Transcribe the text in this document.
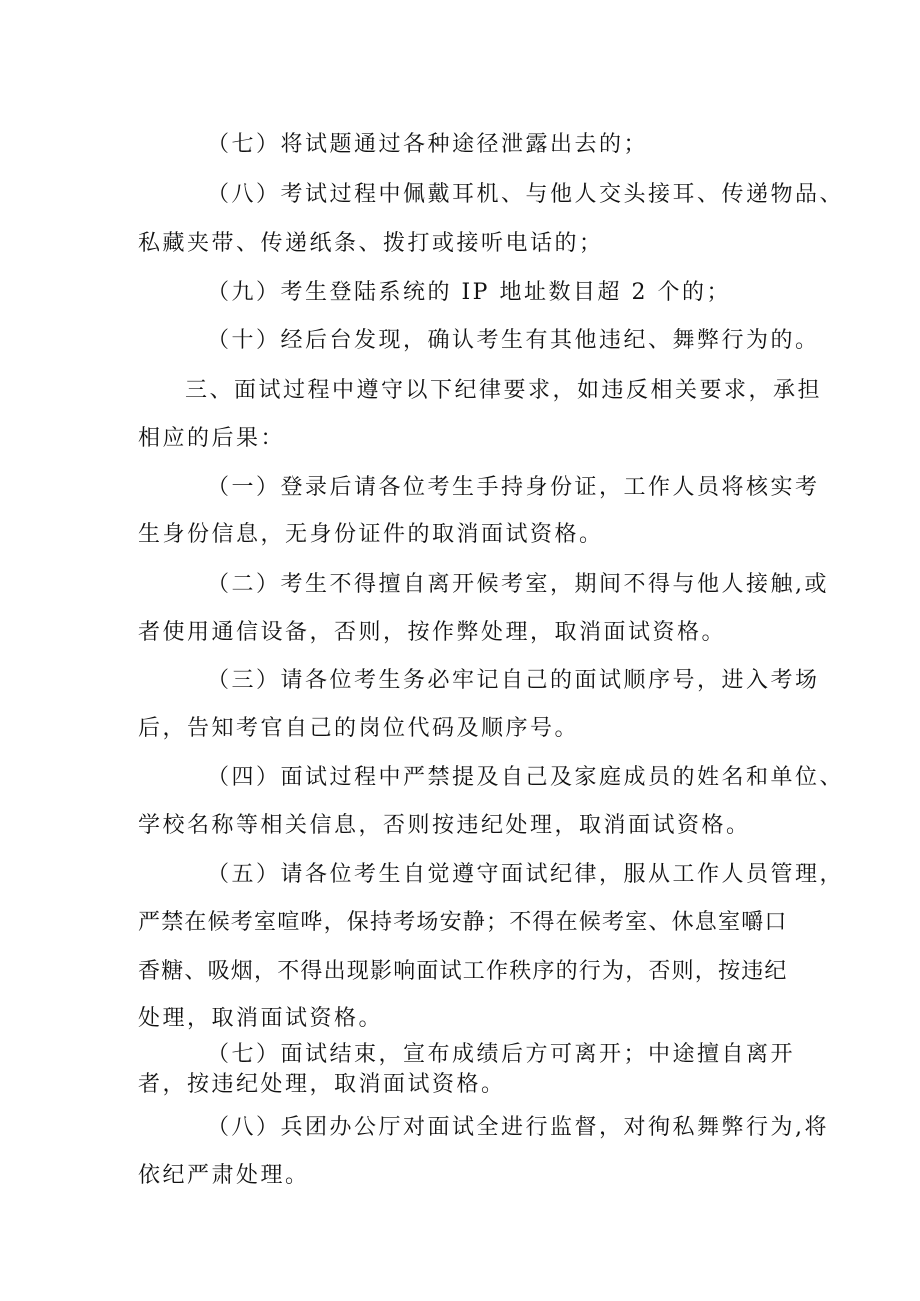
（七）将试题通过各种途径泄露出去的；
（八）考试过程中佩戴耳机、与他人交头接耳、传递物品、
私藏夹带、传递纸条、拨打或接听电话的；
（九）考生登陆系统的 IP 地址数目超 2 个的；
（十）经后台发现，确认考生有其他违纪、舞弊行为的。
三、面试过程中遵守以下纪律要求，如违反相关要求，承担
相应的后果：
（一）登录后请各位考生手持身份证，工作人员将核实考
生身份信息，无身份证件的取消面试资格。
（二）考生不得擅自离开候考室，期间不得与他人接触,或
者使用通信设备，否则，按作弊处理，取消面试资格。
（三）请各位考生务必牢记自己的面试顺序号，进入考场
后，告知考官自己的岗位代码及顺序号。
（四）面试过程中严禁提及自己及家庭成员的姓名和单位、
学校名称等相关信息，否则按违纪处理，取消面试资格。
（五）请各位考生自觉遵守面试纪律，服从工作人员管理，
严禁在候考室喧哗，保持考场安静；不得在候考室、休息室嚼口
香糖、吸烟，不得出现影响面试工作秩序的行为，否则，按违纪
处理，取消面试资格。
（七）面试结束，宣布成绩后方可离开；中途擅自离开
者，按违纪处理，取消面试资格。
（八）兵团办公厅对面试全进行监督，对徇私舞弊行为,将
依纪严肃处理。
